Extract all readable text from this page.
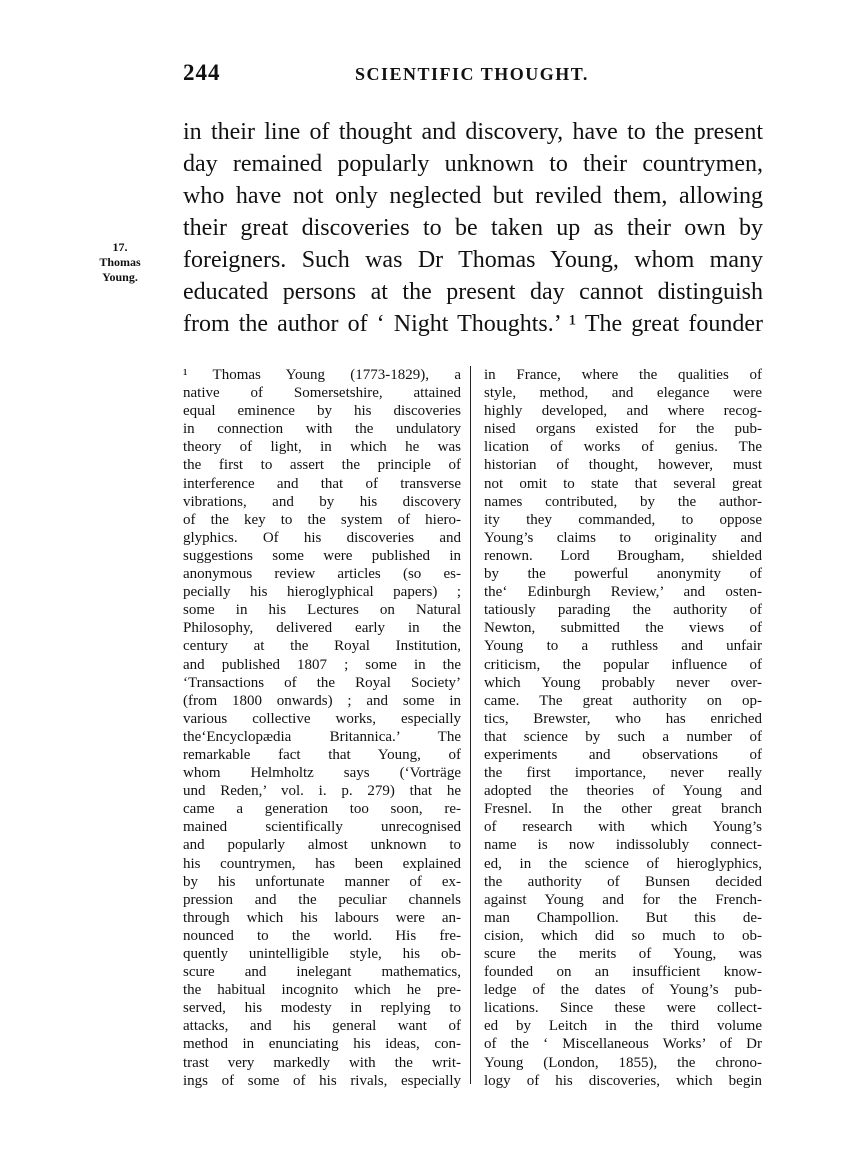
244	SCIENTIFIC THOUGHT.
17.
Thomas
Young.
in their line of thought and discovery, have to the present
day remained popularly unknown to their countrymen,
who have not only neglected but reviled them, allowing
their great discoveries to be taken up as their own by
foreigners. Such was Dr Thomas Young, whom many
educated persons at the present day cannot distinguish
from the author of ‘ Night Thoughts.’ ¹ The great founder
¹ Thomas Young (1773-1829), a
native of Somersetshire, attained
equal eminence by his discoveries
in connection with the undulatory
theory of light, in which he was
the first to assert the principle of
interference and that of transverse
vibrations, and by his discovery
of the key to the system of hiero-
glyphics. Of his discoveries and
suggestions some were published in
anonymous review articles (so es-
pecially his hieroglyphical papers) ;
some in his Lectures on Natural
Philosophy, delivered early in the
century at the Royal Institution,
and published 1807 ; some in the
‘Transactions of the Royal Society’
(from 1800 onwards) ; and some in
various collective works, especially
the‘Encyclopædia Britannica.’ The
remarkable fact that Young, of
whom Helmholtz says (‘Vorträge
und Reden,’ vol. i. p. 279) that he
came a generation too soon, re-
mained scientifically unrecognised
and popularly almost unknown to
his countrymen, has been explained
by his unfortunate manner of ex-
pression and the peculiar channels
through which his labours were an-
nounced to the world. His fre-
quently unintelligible style, his ob-
scure and inelegant mathematics,
the habitual incognito which he pre-
served, his modesty in replying to
attacks, and his general want of
method in enunciating his ideas, con-
trast very markedly with the writ-
ings of some of his rivals, especially
in France, where the qualities of
style, method, and elegance were
highly developed, and where recog-
nised organs existed for the pub-
lication of works of genius. The
historian of thought, however, must
not omit to state that several great
names contributed, by the author-
ity they commanded, to oppose
Young’s claims to originality and
renown. Lord Brougham, shielded
by the powerful anonymity of
the‘ Edinburgh Review,’ and osten-
tatiously parading the authority of
Newton, submitted the views of
Young to a ruthless and unfair
criticism, the popular influence of
which Young probably never over-
came. The great authority on op-
tics, Brewster, who has enriched
that science by such a number of
experiments and observations of
the first importance, never really
adopted the theories of Young and
Fresnel. In the other great branch
of research with which Young’s
name is now indissolubly connect-
ed, in the science of hieroglyphics,
the authority of Bunsen decided
against Young and for the French-
man Champollion. But this de-
cision, which did so much to ob-
scure the merits of Young, was
founded on an insufficient know-
ledge of the dates of Young’s pub-
lications. Since these were collect-
ed by Leitch in the third volume
of the ‘ Miscellaneous Works’ of Dr
Young (London, 1855), the chrono-
logy of his discoveries, which begin
